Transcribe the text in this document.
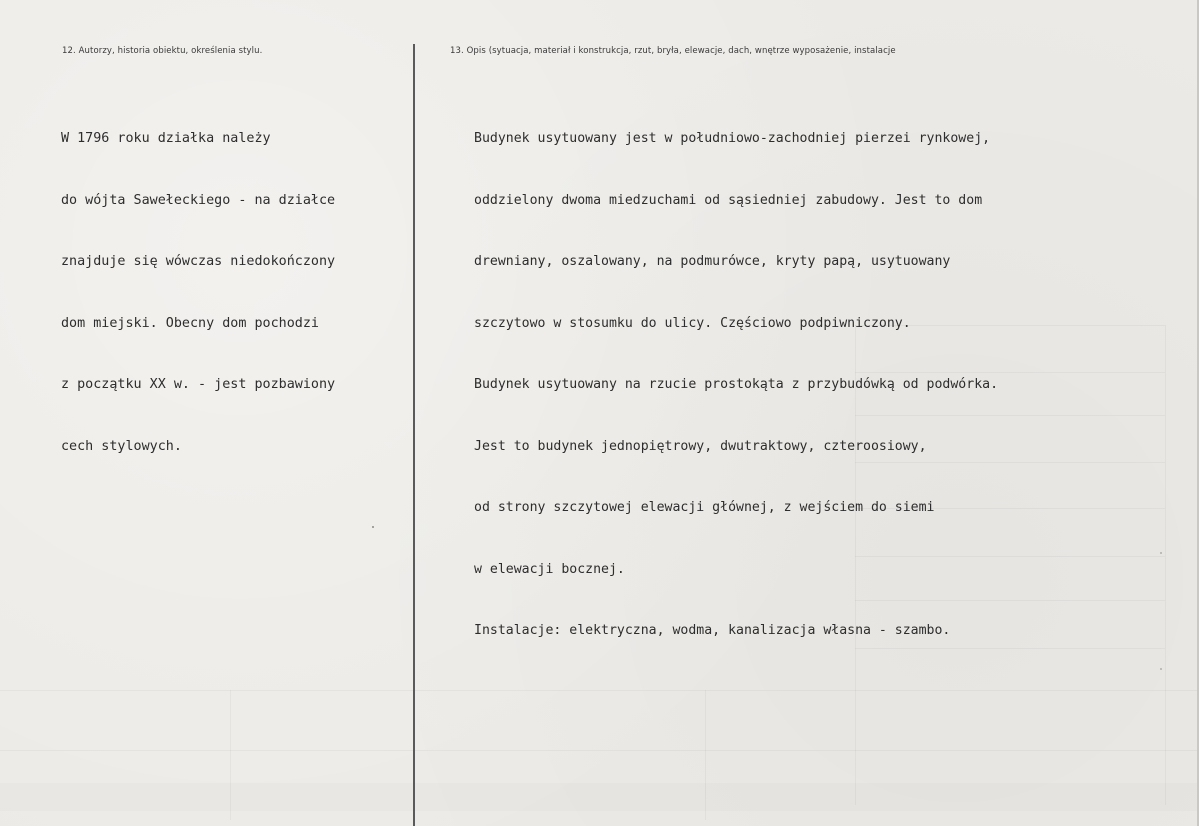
12. Autorzy, historia obiektu, określenia stylu.

W 1796 roku działka należy

do wójta Sawełeckiego - na działce

znajduje się wówczas niedokończony

dom miejski. Obecny dom pochodzi

z początku XX w. - jest pozbawiony

cech stylowych.

13. Opis (sytuacja, materiał i konstrukcja, rzut, bryła, elewacje, dach, wnętrze wyposażenie, instalacje

Budynek usytuowany jest w południowo-zachodniej pierzei rynkowej,

oddzielony dwoma miedzuchami od sąsiedniej zabudowy. Jest to dom

drewniany, oszalowany, na podmurówce, kryty papą, usytuowany

szczytowo w stosumku do ulicy. Częściowo podpiwniczony.

Budynek usytuowany na rzucie prostokąta z przybudówką od podwórka.

Jest to budynek jednopiętrowy, dwutraktowy, czteroosiowy,

od strony szczytowej elewacji głównej, z wejściem do siemi

w elewacji bocznej.

Instalacje: elektryczna, wodma, kanalizacja własna - szambo.
